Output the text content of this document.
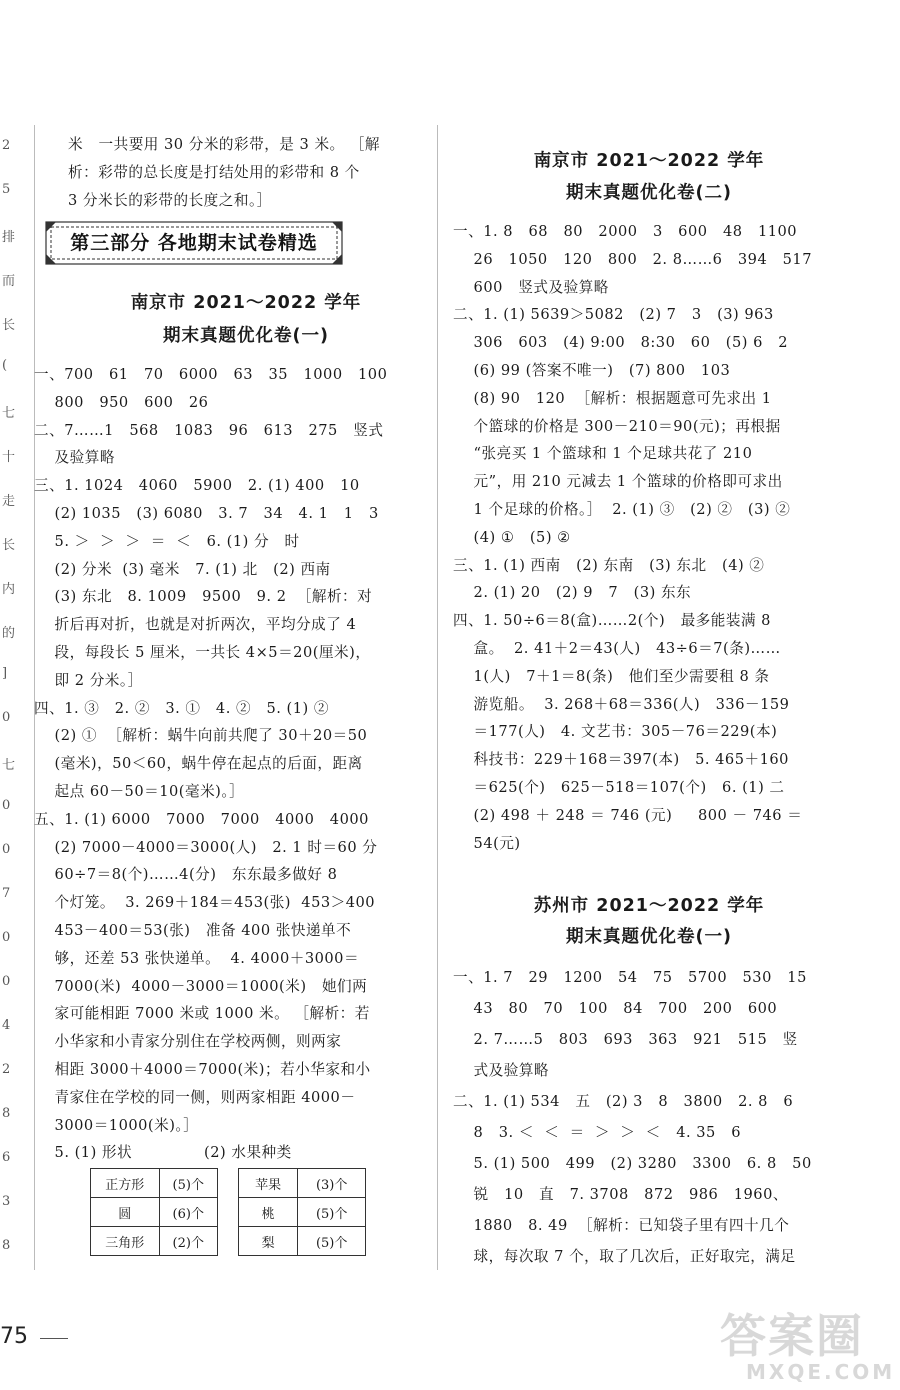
2
5
排
而
长
(
七
十
走
长
内
的
]
0
七
0
0
7
0
0
4
2
8
6
3
8
米   一共要用 30 分米的彩带，是 3 米。 ［解
析：彩带的总长度是打结处用的彩带和 8 个
3 分米长的彩带的长度之和。］
第三部分 各地期末试卷精选
南京市 2021～2022 学年
期末真题优化卷(一)
一、700   61   70   6000   63   35   1000   100
800   950   600   26
二、7……1   568   1083   96   613   275   竖式
及验算略
三、1. 1024   4060   5900   2. (1) 400   10
(2) 1035   (3) 6080   3. 7   34   4. 1   1   3
5. ＞  ＞  ＞  ＝  ＜   6. (1) 分   时
(2) 分米  (3) 毫米   7. (1) 北   (2) 西南
(3) 东北   8. 1009   9500   9. 2  ［解析：对
折后再对折，也就是对折两次，平均分成了 4
段，每段长 5 厘米，一共长 4×5＝20(厘米)，
即 2 分米。］
四、1. ③   2. ②   3. ①   4. ②   5. (1) ②
(2) ①  ［解析：蜗牛向前共爬了 30＋20＝50
(毫米)，50＜60，蜗牛停在起点的后面，距离
起点 60－50＝10(毫米)。］
五、1. (1) 6000   7000   7000   4000   4000
(2) 7000－4000＝3000(人)   2. 1 时＝60 分
60÷7＝8(个)……4(分)   东东最多做好 8
个灯笼。  3. 269＋184＝453(张)  453＞400
453－400＝53(张)   准备 400 张快递单不
够，还差 53 张快递单。  4. 4000＋3000＝
7000(米)  4000－3000＝1000(米)   她们两
家可能相距 7000 米或 1000 米。 ［解析：若
小华家和小青家分别住在学校两侧，则两家
相距 3000＋4000＝7000(米)；若小华家和小
青家住在学校的同一侧，则两家相距 4000－
3000＝1000(米)。］
5. (1) 形状              (2) 水果种类
正方形	(5)个
圆	(6)个
三角形	(2)个
苹果	(3)个
桃	(5)个
梨	(5)个
南京市 2021～2022 学年
期末真题优化卷(二)
一、1. 8   68   80   2000   3   600   48   1100
26   1050   120   800   2. 8……6   394   517
600   竖式及验算略
二、1. (1) 5639＞5082   (2) 7   3   (3) 963
306   603   (4) 9:00   8:30   60   (5) 6   2
(6) 99 (答案不唯一)   (7) 800   103
(8) 90   120  ［解析：根据题意可先求出 1
个篮球的价格是 300－210＝90(元)；再根据
“张亮买 1 个篮球和 1 个足球共花了 210
元”，用 210 元减去 1 个篮球的价格即可求出
1 个足球的价格。］  2. (1) ③   (2) ②   (3) ②
(4) ①   (5) ②
三、1. (1) 西南   (2) 东南   (3) 东北   (4) ②
2. (1) 20   (2) 9   7   (3) 东东
四、1. 50÷6＝8(盒)……2(个)   最多能装满 8
盒。  2. 41＋2＝43(人)   43÷6＝7(条)……
1(人)   7＋1＝8(条)   他们至少需要租 8 条
游览船。  3. 268＋68＝336(人)   336－159
＝177(人)   4. 文艺书：305－76＝229(本)
科技书：229＋168＝397(本)   5. 465＋160
＝625(个)   625－518＝107(个)   6. (1) 二
(2) 498 ＋ 248 ＝ 746 (元)     800 － 746 ＝
54(元)
苏州市 2021～2022 学年
期末真题优化卷(一)
一、1. 7   29   1200   54   75   5700   530   15
43   80   70   100   84   700   200   600
2. 7……5   803   693   363   921   515   竖
式及验算略
二、1. (1) 534   五   (2) 3   8   3800   2. 8   6
8   3. ＜  ＜  ＝  ＞  ＞  ＜   4. 35   6
5. (1) 500   499   (2) 3280   3300   6. 8   50
锐   10   直   7. 3708   872   986   1960、
1880   8. 49  ［解析：已知袋子里有四十几个
球，每次取 7 个，取了几次后，正好取完，满足
75	答案圈
MXQE.COM
